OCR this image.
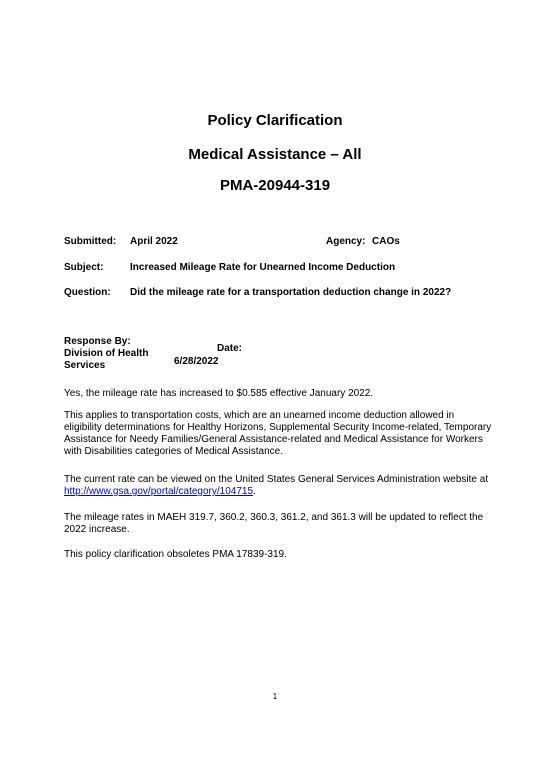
Policy Clarification
Medical Assistance – All
PMA-20944-319
Submitted: April 2022	Agency: CAOs
Subject:	Increased Mileage Rate for Unearned Income Deduction
Question: Did the mileage rate for a transportation deduction change in 2022?
Response By:
Division of Health
Services
Date:
6/28/2022
Yes, the mileage rate has increased to $0.585 effective January 2022.
This applies to transportation costs, which are an unearned income deduction allowed in eligibility determinations for Healthy Horizons, Supplemental Security Income-related, Temporary Assistance for Needy Families/General Assistance-related and Medical Assistance for Workers with Disabilities categories of Medical Assistance.
The current rate can be viewed on the United States General Services Administration website at http://www.gsa.gov/portal/category/104715.
The mileage rates in MAEH 319.7, 360.2, 360.3, 361.2, and 361.3 will be updated to reflect the 2022 increase.
This policy clarification obsoletes PMA 17839-319.
1
